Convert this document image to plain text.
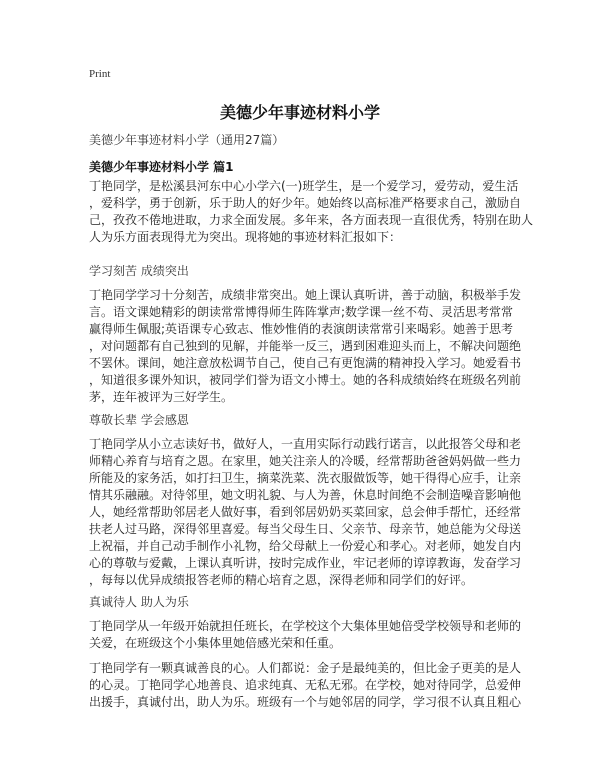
Print
美德少年事迹材料小学
美德少年事迹材料小学（通用27篇）
美德少年事迹材料小学 篇1
丁艳同学，是松溪县河东中心小学六(一)班学生，是一个爱学习，爱劳动，爱生活
，爱科学，勇于创新，乐于助人的好少年。她始终以高标准严格要求自己，激励自
己，孜孜不倦地进取，力求全面发展。多年来，各方面表现一直很优秀，特别在助人
人为乐方面表现得尤为突出。现将她的事迹材料汇报如下：
学习刻苦 成绩突出
丁艳同学学习十分刻苦，成绩非常突出。她上课认真听讲，善于动脑，积极举手发
言。语文课她精彩的朗读常常博得师生阵阵掌声;数学课一丝不苟、灵活思考常常
赢得师生佩服;英语课专心致志、惟妙惟俏的表演朗读常常引来喝彩。她善于思考
，对问题都有自己独到的见解，并能举一反三，遇到困难迎头而上，不解决问题绝
不罢休。课间，她注意放松调节自己，使自己有更饱满的精神投入学习。她爱看书
，知道很多课外知识，被同学们誉为语文小博士。她的各科成绩始终在班级名列前
茅，连年被评为三好学生。
尊敬长辈 学会感恩
丁艳同学从小立志读好书，做好人，一直用实际行动践行诺言，以此报答父母和老
师精心养育与培育之恩。在家里，她关注亲人的冷暖，经常帮助爸爸妈妈做一些力
所能及的家务活，如打扫卫生，摘菜洗菜、洗衣服做饭等，她干得得心应手，让亲
情其乐融融。对待邻里，她文明礼貌、与人为善，休息时间绝不会制造噪音影响他
人，她经常帮助邻居老人做好事，看到邻居奶奶买菜回家，总会伸手帮忙，还经常
扶老人过马路，深得邻里喜爱。每当父母生日、父亲节、母亲节，她总能为父母送
上祝福，并自己动手制作小礼物，给父母献上一份爱心和孝心。对老师，她发自内
心的尊敬与爱戴，上课认真听讲，按时完成作业，牢记老师的谆谆教诲，发奋学习
，每每以优异成绩报答老师的精心培育之恩，深得老师和同学们的好评。
真诚待人 助人为乐
丁艳同学从一年级开始就担任班长，在学校这个大集体里她倍受学校领导和老师的
关爱，在班级这个小集体里她倍感光荣和任重。
丁艳同学有一颗真诚善良的心。人们都说：金子是最纯美的，但比金子更美的是人
的心灵。丁艳同学心地善良、追求纯真、无私无邪。在学校，她对待同学，总爱伸
出援手，真诚付出，助人为乐。班级有一个与她邻居的同学，学习很不认真且粗心
